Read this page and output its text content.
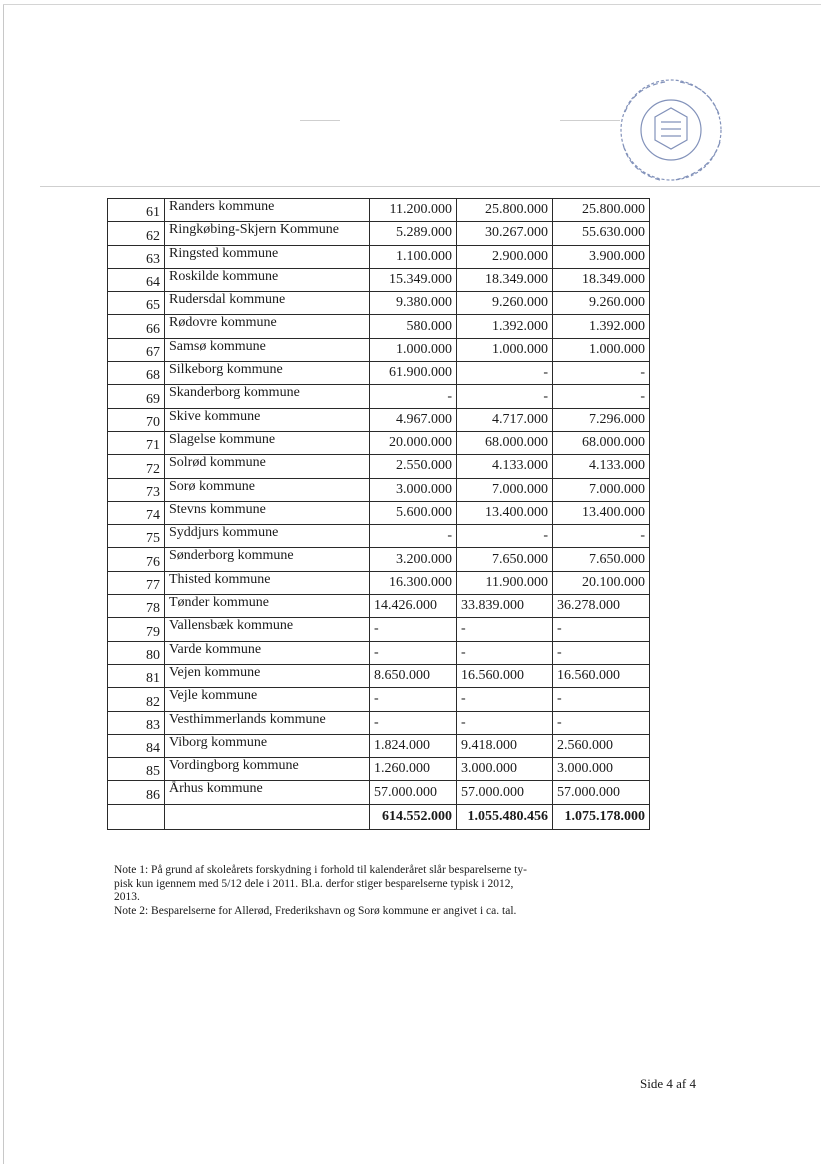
61	Randers kommune	11.200.000	25.800.000	25.800.000
62	Ringkøbing-Skjern Kommune	5.289.000	30.267.000	55.630.000
63	Ringsted kommune	1.100.000	2.900.000	3.900.000
64	Roskilde kommune	15.349.000	18.349.000	18.349.000
65	Rudersdal kommune	9.380.000	9.260.000	9.260.000
66	Rødovre kommune	580.000	1.392.000	1.392.000
67	Samsø kommune	1.000.000	1.000.000	1.000.000
68	Silkeborg kommune	61.900.000	-	-
69	Skanderborg kommune	-	-	-
70	Skive kommune	4.967.000	4.717.000	7.296.000
71	Slagelse kommune	20.000.000	68.000.000	68.000.000
72	Solrød kommune	2.550.000	4.133.000	4.133.000
73	Sorø kommune	3.000.000	7.000.000	7.000.000
74	Stevns kommune	5.600.000	13.400.000	13.400.000
75	Syddjurs kommune	-	-	-
76	Sønderborg kommune	3.200.000	7.650.000	7.650.000
77	Thisted kommune	16.300.000	11.900.000	20.100.000
78	Tønder kommune	14.426.000	33.839.000	36.278.000
79	Vallensbæk kommune	-	-	-
80	Varde kommune	-	-	-
81	Vejen kommune	8.650.000	16.560.000	16.560.000
82	Vejle kommune	-	-	-
83	Vesthimmerlands kommune	-	-	-
84	Viborg kommune	1.824.000	9.418.000	2.560.000
85	Vordingborg kommune	1.260.000	3.000.000	3.000.000
86	Århus kommune	57.000.000	57.000.000	57.000.000
		614.552.000	1.055.480.456	1.075.178.000

Note 1: På grund af skoleårets forskydning i forhold til kalenderåret slår besparelserne ty-

pisk kun igennem med 5/12 dele i 2011. Bl.a. derfor stiger besparelserne typisk i 2012,

2013.

Note 2: Besparelserne for Allerød, Frederikshavn og Sorø kommune er angivet i ca. tal.

Side 4 af 4
